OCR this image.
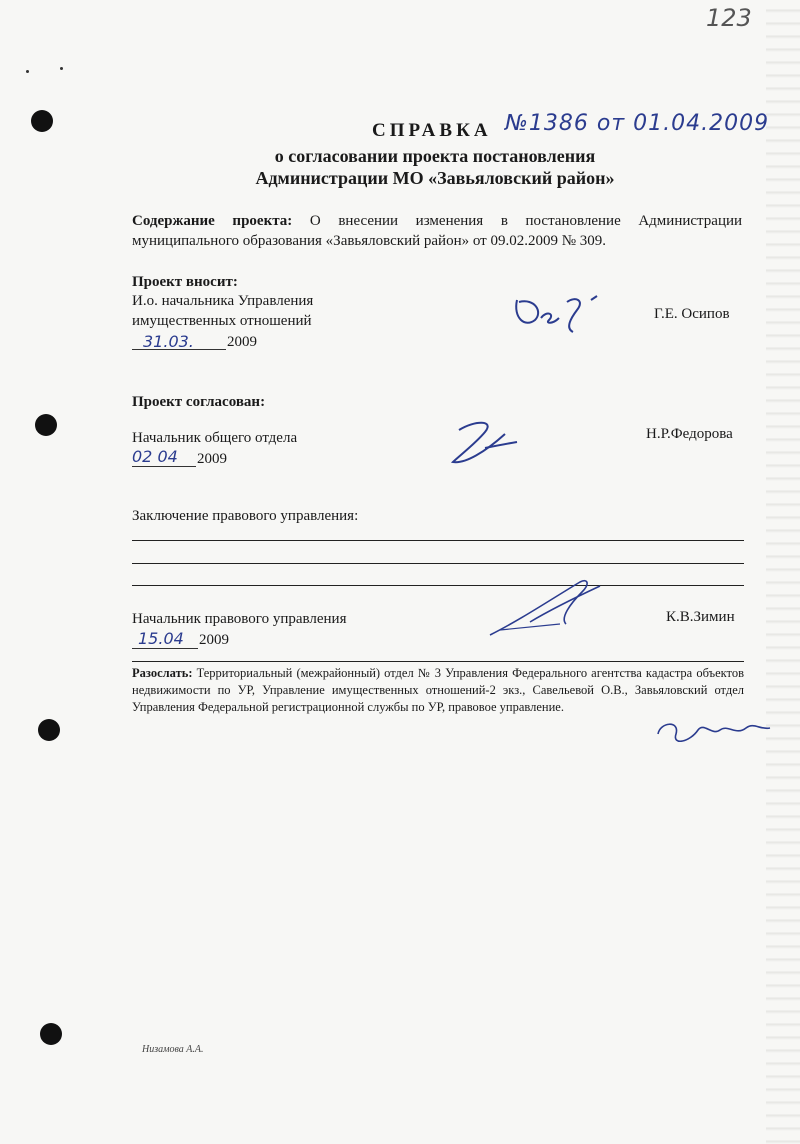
123
СПРАВКА №1386 от 01.04.2009
о согласовании проекта постановления
Администрации МО «Завьяловский район»
Содержание проекта: О внесении изменения в постановление Администрации муниципального образования «Завьяловский район» от 09.02.2009 № 309.
Проект вносит:
И.о. начальника Управления
имущественных отношений
31.03. 2009
Г.Е. Осипов
Проект согласован:
Начальник общего отдела
02 04 2009
Н.Р.Федорова
Заключение правового управления:
Начальник правового управления
15.04 2009
К.В.Зимин
Разослать: Территориальный (межрайонный) отдел № 3 Управления Федерального агентства кадастра объектов недвижимости по УР, Управление имущественных отношений-2 экз., Савельевой О.В., Завьяловский отдел Управления Федеральной регистрационной службы по УР, правовое управление.
Низамова А.А.
